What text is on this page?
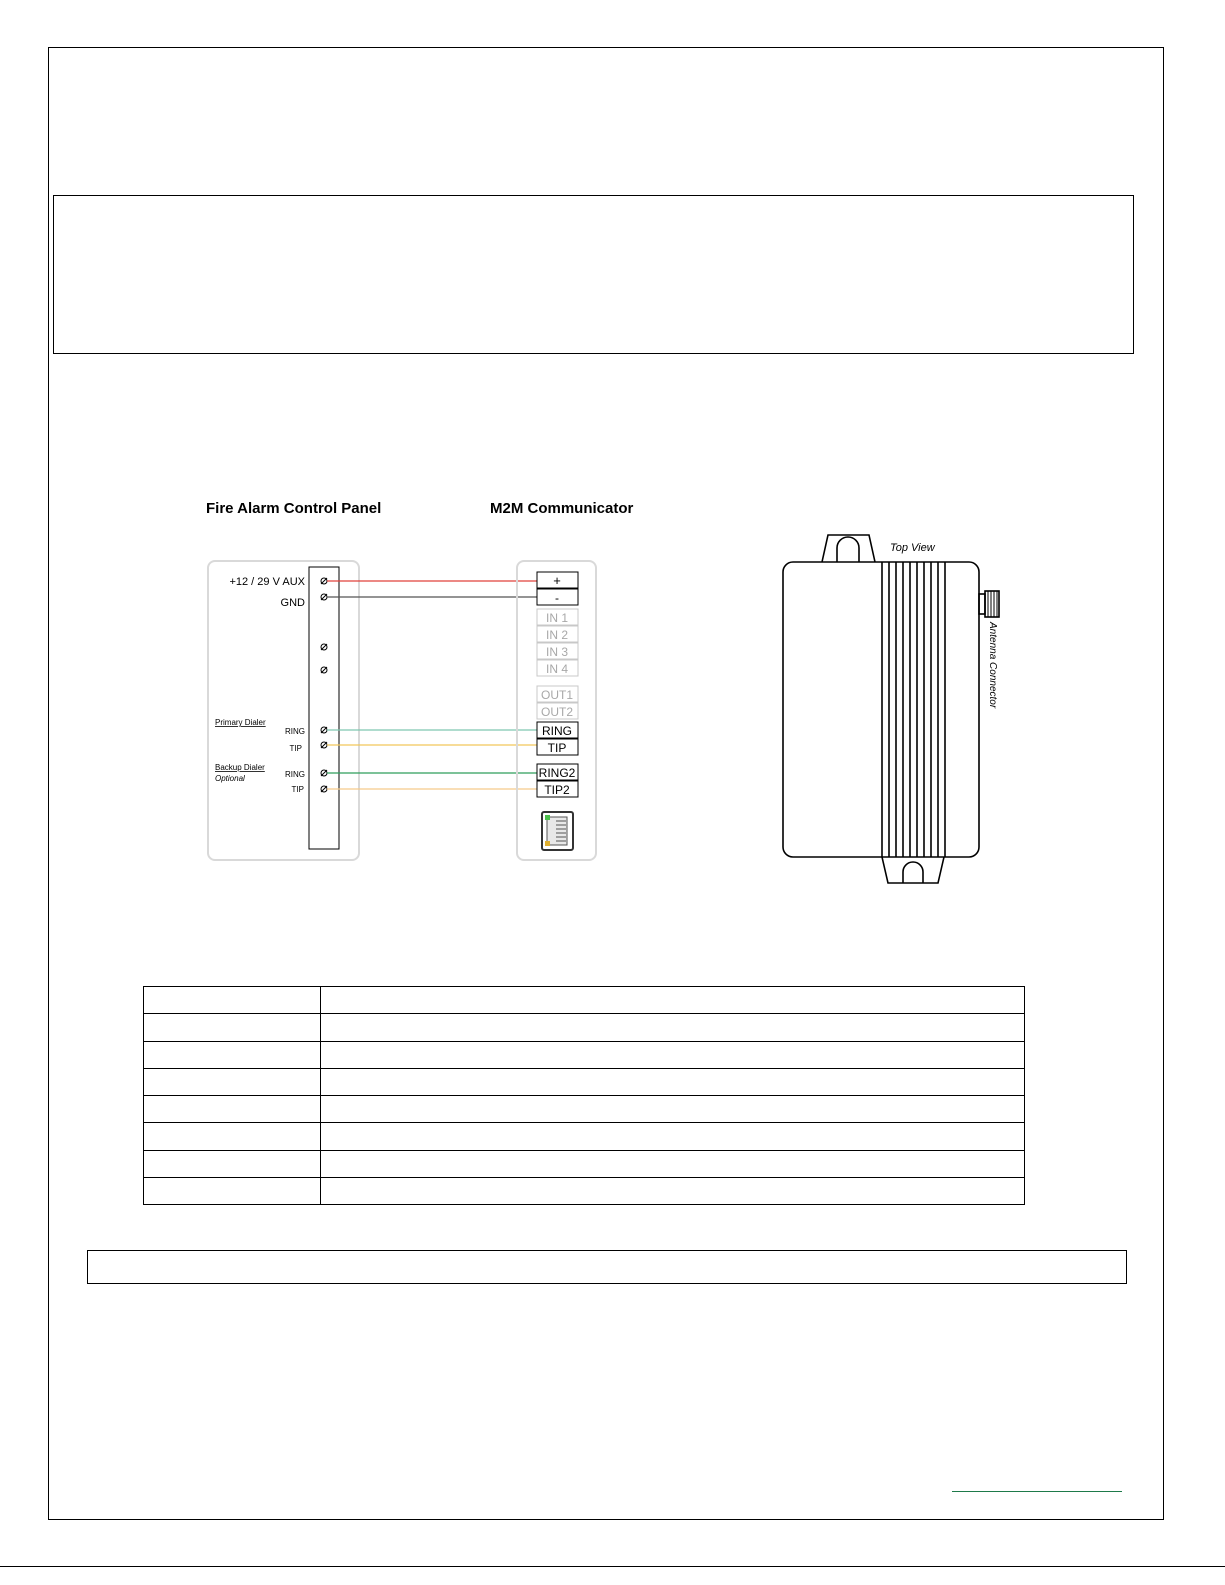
Fire Alarm Control Panel	M2M Communicator
+12 / 29 V AUX
GND
Primary Dialer
RING
TIP
Backup Dialer
Optional	RING
TIP
+
-
IN 1
IN 2
IN 3
IN 4
OUT1
OUT2
RING
TIP
RING2
TIP2
Top View
Antenna Connector
